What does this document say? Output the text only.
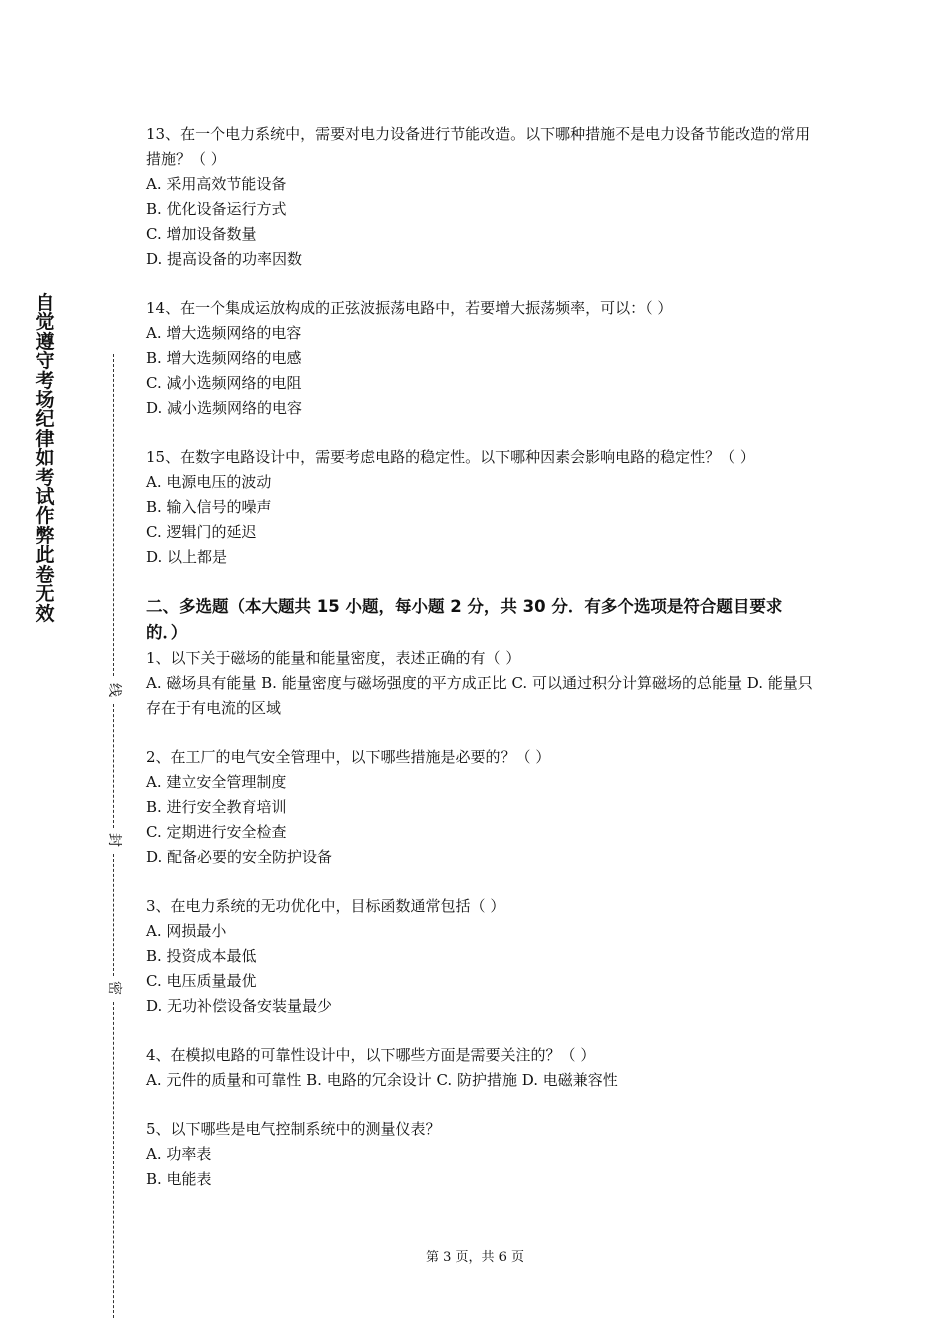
自觉遵守考场纪律如考试作弊此卷无效
线
封
密
13、在一个电力系统中，需要对电力设备进行节能改造。以下哪种措施不是电力设备节能改造的常用措施？（ ）
A. 采用高效节能设备
B. 优化设备运行方式
C. 增加设备数量
D. 提高设备的功率因数
14、在一个集成运放构成的正弦波振荡电路中，若要增大振荡频率，可以：（ ）
A. 增大选频网络的电容
B. 增大选频网络的电感
C. 减小选频网络的电阻
D. 减小选频网络的电容
15、在数字电路设计中，需要考虑电路的稳定性。以下哪种因素会影响电路的稳定性？（ ）
A. 电源电压的波动
B. 输入信号的噪声
C. 逻辑门的延迟
D. 以上都是
二、多选题（本大题共 15 小题，每小题 2 分，共 30 分．有多个选项是符合题目要求的．）
1、以下关于磁场的能量和能量密度，表述正确的有（ ）
A. 磁场具有能量 B. 能量密度与磁场强度的平方成正比 C. 可以通过积分计算磁场的总能量 D. 能量只存在于有电流的区域
2、在工厂的电气安全管理中，以下哪些措施是必要的？（ ）
A. 建立安全管理制度
B. 进行安全教育培训
C. 定期进行安全检查
D. 配备必要的安全防护设备
3、在电力系统的无功优化中，目标函数通常包括（ ）
A. 网损最小
B. 投资成本最低
C. 电压质量最优
D. 无功补偿设备安装量最少
4、在模拟电路的可靠性设计中，以下哪些方面是需要关注的？（ ）
A. 元件的质量和可靠性 B. 电路的冗余设计 C. 防护措施 D. 电磁兼容性
5、以下哪些是电气控制系统中的测量仪表？
A. 功率表
B. 电能表
第 3 页，共 6 页
